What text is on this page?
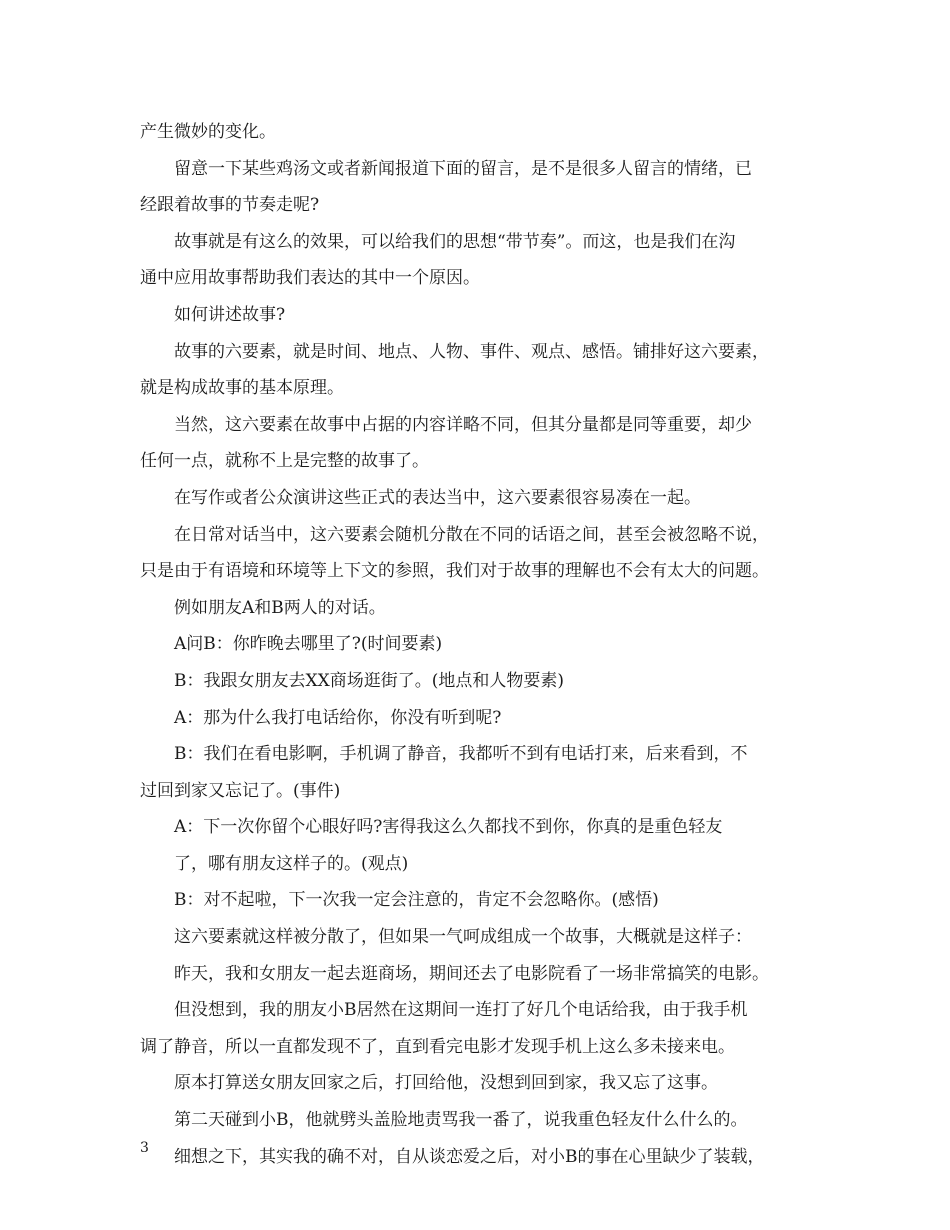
产生微妙的变化。
留意一下某些鸡汤文或者新闻报道下面的留言，是不是很多人留言的情绪，已
经跟着故事的节奏走呢?
故事就是有这么的效果，可以给我们的思想“带节奏”。而这，也是我们在沟
通中应用故事帮助我们表达的其中一个原因。
如何讲述故事?
故事的六要素，就是时间、地点、人物、事件、观点、感悟。铺排好这六要素，
就是构成故事的基本原理。
当然，这六要素在故事中占据的内容详略不同，但其分量都是同等重要，却少
任何一点，就称不上是完整的故事了。
在写作或者公众演讲这些正式的表达当中，这六要素很容易凑在一起。
在日常对话当中，这六要素会随机分散在不同的话语之间，甚至会被忽略不说，
只是由于有语境和环境等上下文的参照，我们对于故事的理解也不会有太大的问题。
例如朋友A和B两人的对话。
A问B：你昨晚去哪里了?(时间要素)
B：我跟女朋友去XX商场逛街了。(地点和人物要素)
A：那为什么我打电话给你，你没有听到呢?
B：我们在看电影啊，手机调了静音，我都听不到有电话打来，后来看到，不
过回到家又忘记了。(事件)
A：下一次你留个心眼好吗?害得我这么久都找不到你，你真的是重色轻友
了，哪有朋友这样子的。(观点)
B：对不起啦，下一次我一定会注意的，肯定不会忽略你。(感悟)
这六要素就这样被分散了，但如果一气呵成组成一个故事，大概就是这样子：
昨天，我和女朋友一起去逛商场，期间还去了电影院看了一场非常搞笑的电影。
但没想到，我的朋友小B居然在这期间一连打了好几个电话给我，由于我手机
调了静音，所以一直都发现不了，直到看完电影才发现手机上这么多未接来电。
原本打算送女朋友回家之后，打回给他，没想到回到家，我又忘了这事。
第二天碰到小B，他就劈头盖脸地责骂我一番了，说我重色轻友什么什么的。
细想之下，其实我的确不对，自从谈恋爱之后，对小B的事在心里缺少了装载，
3
